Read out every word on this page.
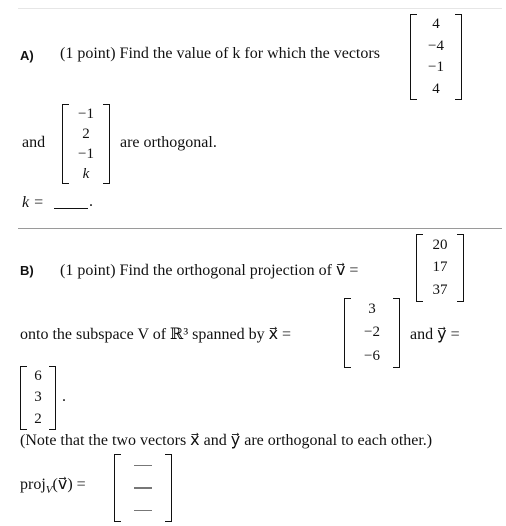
A) (1 point) Find the value of k for which the vectors
4
−4
−1
4
and
−1
2
−1
k
are orthogonal.
k =	.
B) (1 point) Find the orthogonal projection of v⃗ =
20
17
37
onto the subspace V of ℝ³ spanned by x⃗ =
3
−2
−6
and y⃗ =
6
3
2
.
(Note that the two vectors x⃗ and y⃗ are orthogonal to each other.)
proj$_V$(v⃗) =
